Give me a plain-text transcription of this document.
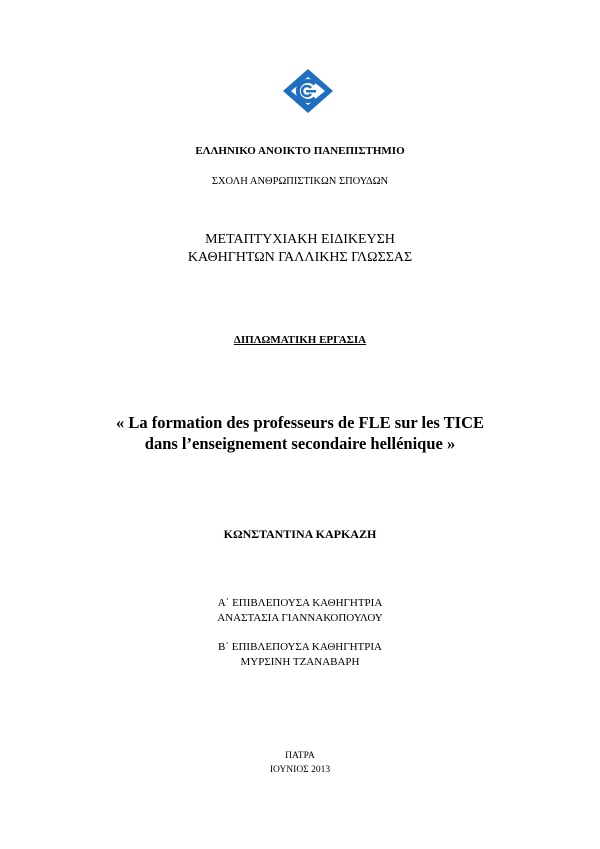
ΕΛΛΗΝΙΚΟ ΑΝΟΙΚΤΟ ΠΑΝΕΠΙΣΤΗΜΙΟ
ΣΧΟΛΗ ΑΝΘΡΩΠΙΣΤΙΚΩΝ ΣΠΟΥΔΩΝ
ΜΕΤΑΠΤΥΧΙΑΚΗ ΕΙΔΙΚΕΥΣΗ
ΚΑΘΗΓΗΤΩΝ ΓΑΛΛΙΚΗΣ ΓΛΩΣΣΑΣ
ΔΙΠΛΩΜΑΤΙΚΗ ΕΡΓΑΣΙΑ
« La formation des professeurs de FLE sur les TICE
dans l’enseignement secondaire hellénique »
ΚΩΝΣΤΑΝΤΙΝΑ ΚΑΡΚΑΖΗ
Α΄ ΕΠΙΒΛΕΠΟΥΣΑ ΚΑΘΗΓΗΤΡΙΑ
ΑΝΑΣΤΑΣΙΑ ΓΙΑΝΝΑΚΟΠΟΥΛΟΥ
Β΄ ΕΠΙΒΛΕΠΟΥΣΑ ΚΑΘΗΓΗΤΡΙΑ
ΜΥΡΣΙΝΗ ΤΖΑΝΑΒΑΡΗ
ΠΑΤΡΑ
ΙΟΥΝΙΟΣ 2013
